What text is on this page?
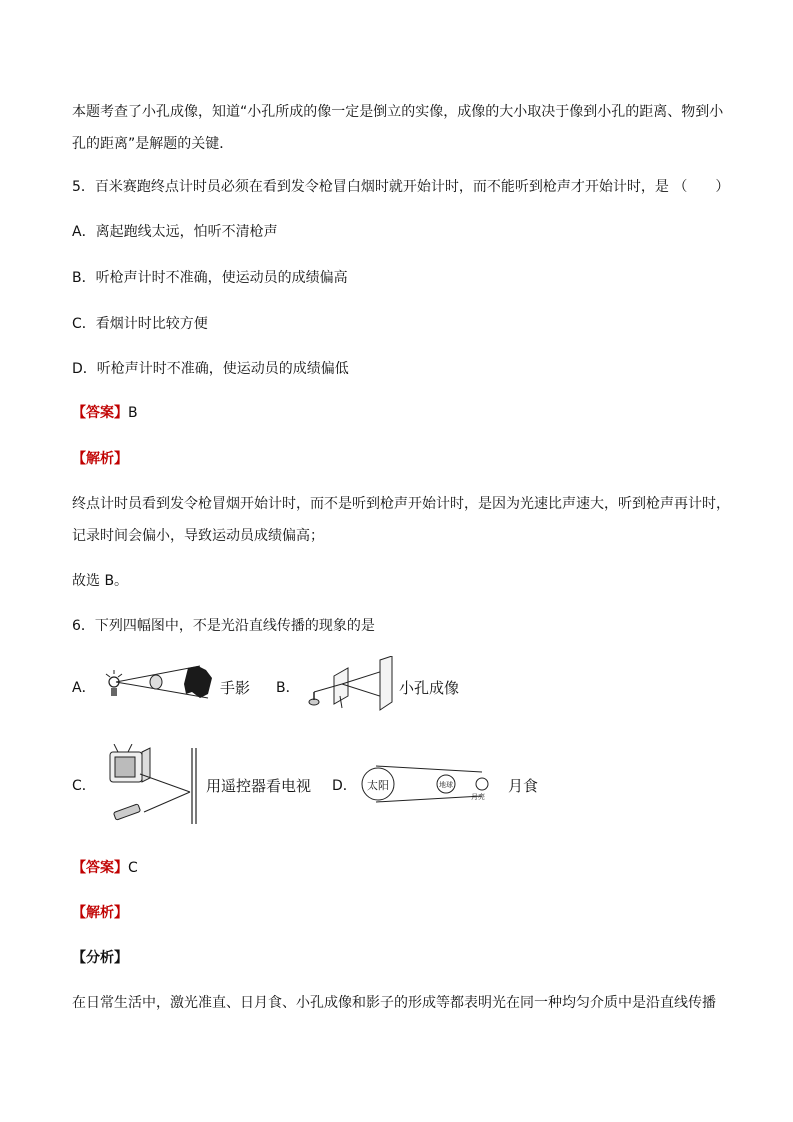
本题考查了小孔成像，知道“小孔所成的像一定是倒立的实像，成像的大小取决于像到小孔的距离、物到小
孔的距离”是解题的关键．
5．百米赛跑终点计时员必须在看到发令枪冒白烟时就开始计时，而不能听到枪声才开始计时，是 （　　）
A．离起跑线太远，怕听不清枪声
B．听枪声计时不准确，使运动员的成绩偏高
C．看烟计时比较方便
D．听枪声计时不准确，使运动员的成绩偏低
【答案】B
【解析】
终点计时员看到发令枪冒烟开始计时，而不是听到枪声开始计时，是因为光速比声速大，听到枪声再计时，
记录时间会偏小，导致运动员成绩偏高；
故选 B。
6．下列四幅图中，不是光沿直线传播的现象的是
A．	手影 B．	小孔成像
C．	用遥控器看电视 D． 太阳	地球
月亮
月食
【答案】C
【解析】
【分析】
在日常生活中，激光准直、日月食、小孔成像和影子的形成等都表明光在同一种均匀介质中是沿直线传播
